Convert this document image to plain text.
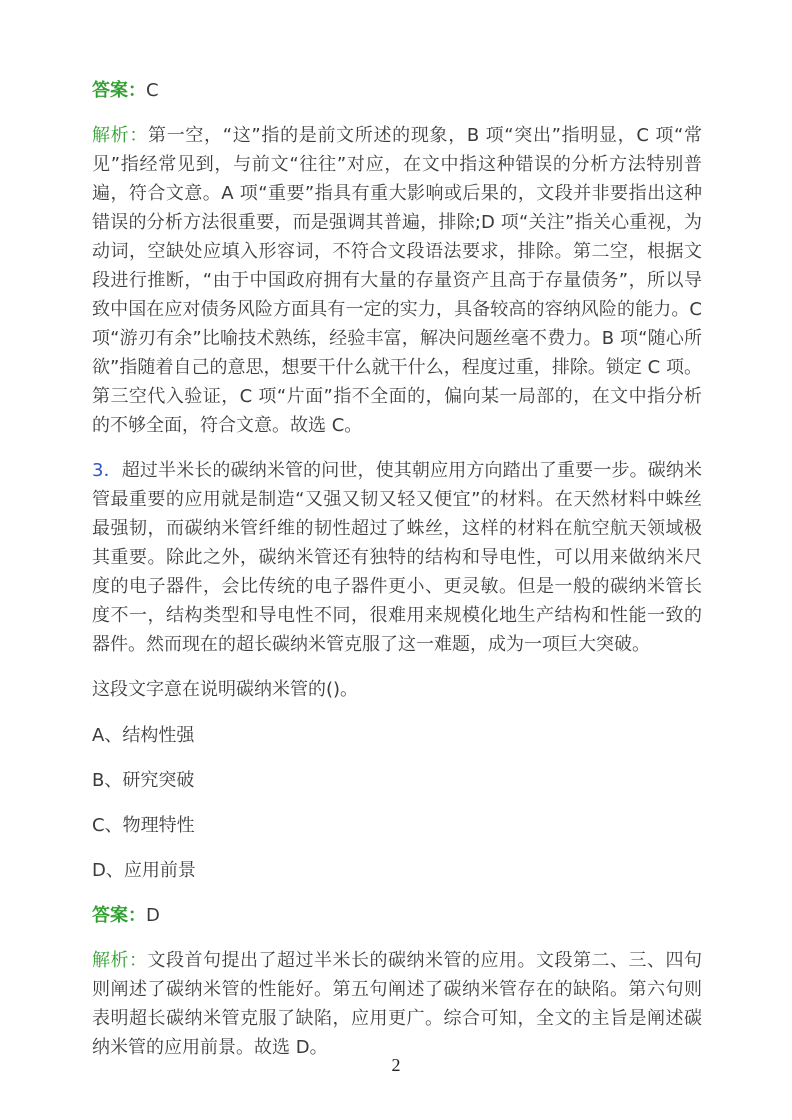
答案：C

解析：第一空，“这”指的是前文所述的现象，B 项“突出”指明显，C 项“常见”指经常见到，与前文“往往”对应，在文中指这种错误的分析方法特别普遍，符合文意。A 项“重要”指具有重大影响或后果的，文段并非要指出这种错误的分析方法很重要，而是强调其普遍，排除;D 项“关注”指关心重视，为动词，空缺处应填入形容词，不符合文段语法要求，排除。第二空，根据文段进行推断，“由于中国政府拥有大量的存量资产且高于存量债务”，所以导致中国在应对债务风险方面具有一定的实力，具备较高的容纳风险的能力。C 项“游刃有余”比喻技术熟练，经验丰富，解决问题丝毫不费力。B 项“随心所欲”指随着自己的意思，想要干什么就干什么，程度过重，排除。锁定 C 项。第三空代入验证，C 项“片面”指不全面的，偏向某一局部的，在文中指分析的不够全面，符合文意。故选 C。

3．超过半米长的碳纳米管的问世，使其朝应用方向踏出了重要一步。碳纳米管最重要的应用就是制造“又强又韧又轻又便宜”的材料。在天然材料中蛛丝最强韧，而碳纳米管纤维的韧性超过了蛛丝，这样的材料在航空航天领域极其重要。除此之外，碳纳米管还有独特的结构和导电性，可以用来做纳米尺度的电子器件，会比传统的电子器件更小、更灵敏。但是一般的碳纳米管长度不一，结构类型和导电性不同，很难用来规模化地生产结构和性能一致的器件。然而现在的超长碳纳米管克服了这一难题，成为一项巨大突破。

这段文字意在说明碳纳米管的()。

A、结构性强

B、研究突破

C、物理特性

D、应用前景

答案：D

解析：文段首句提出了超过半米长的碳纳米管的应用。文段第二、三、四句则阐述了碳纳米管的性能好。第五句阐述了碳纳米管存在的缺陷。第六句则表明超长碳纳米管克服了缺陷，应用更广。综合可知，全文的主旨是阐述碳纳米管的应用前景。故选 D。

2
